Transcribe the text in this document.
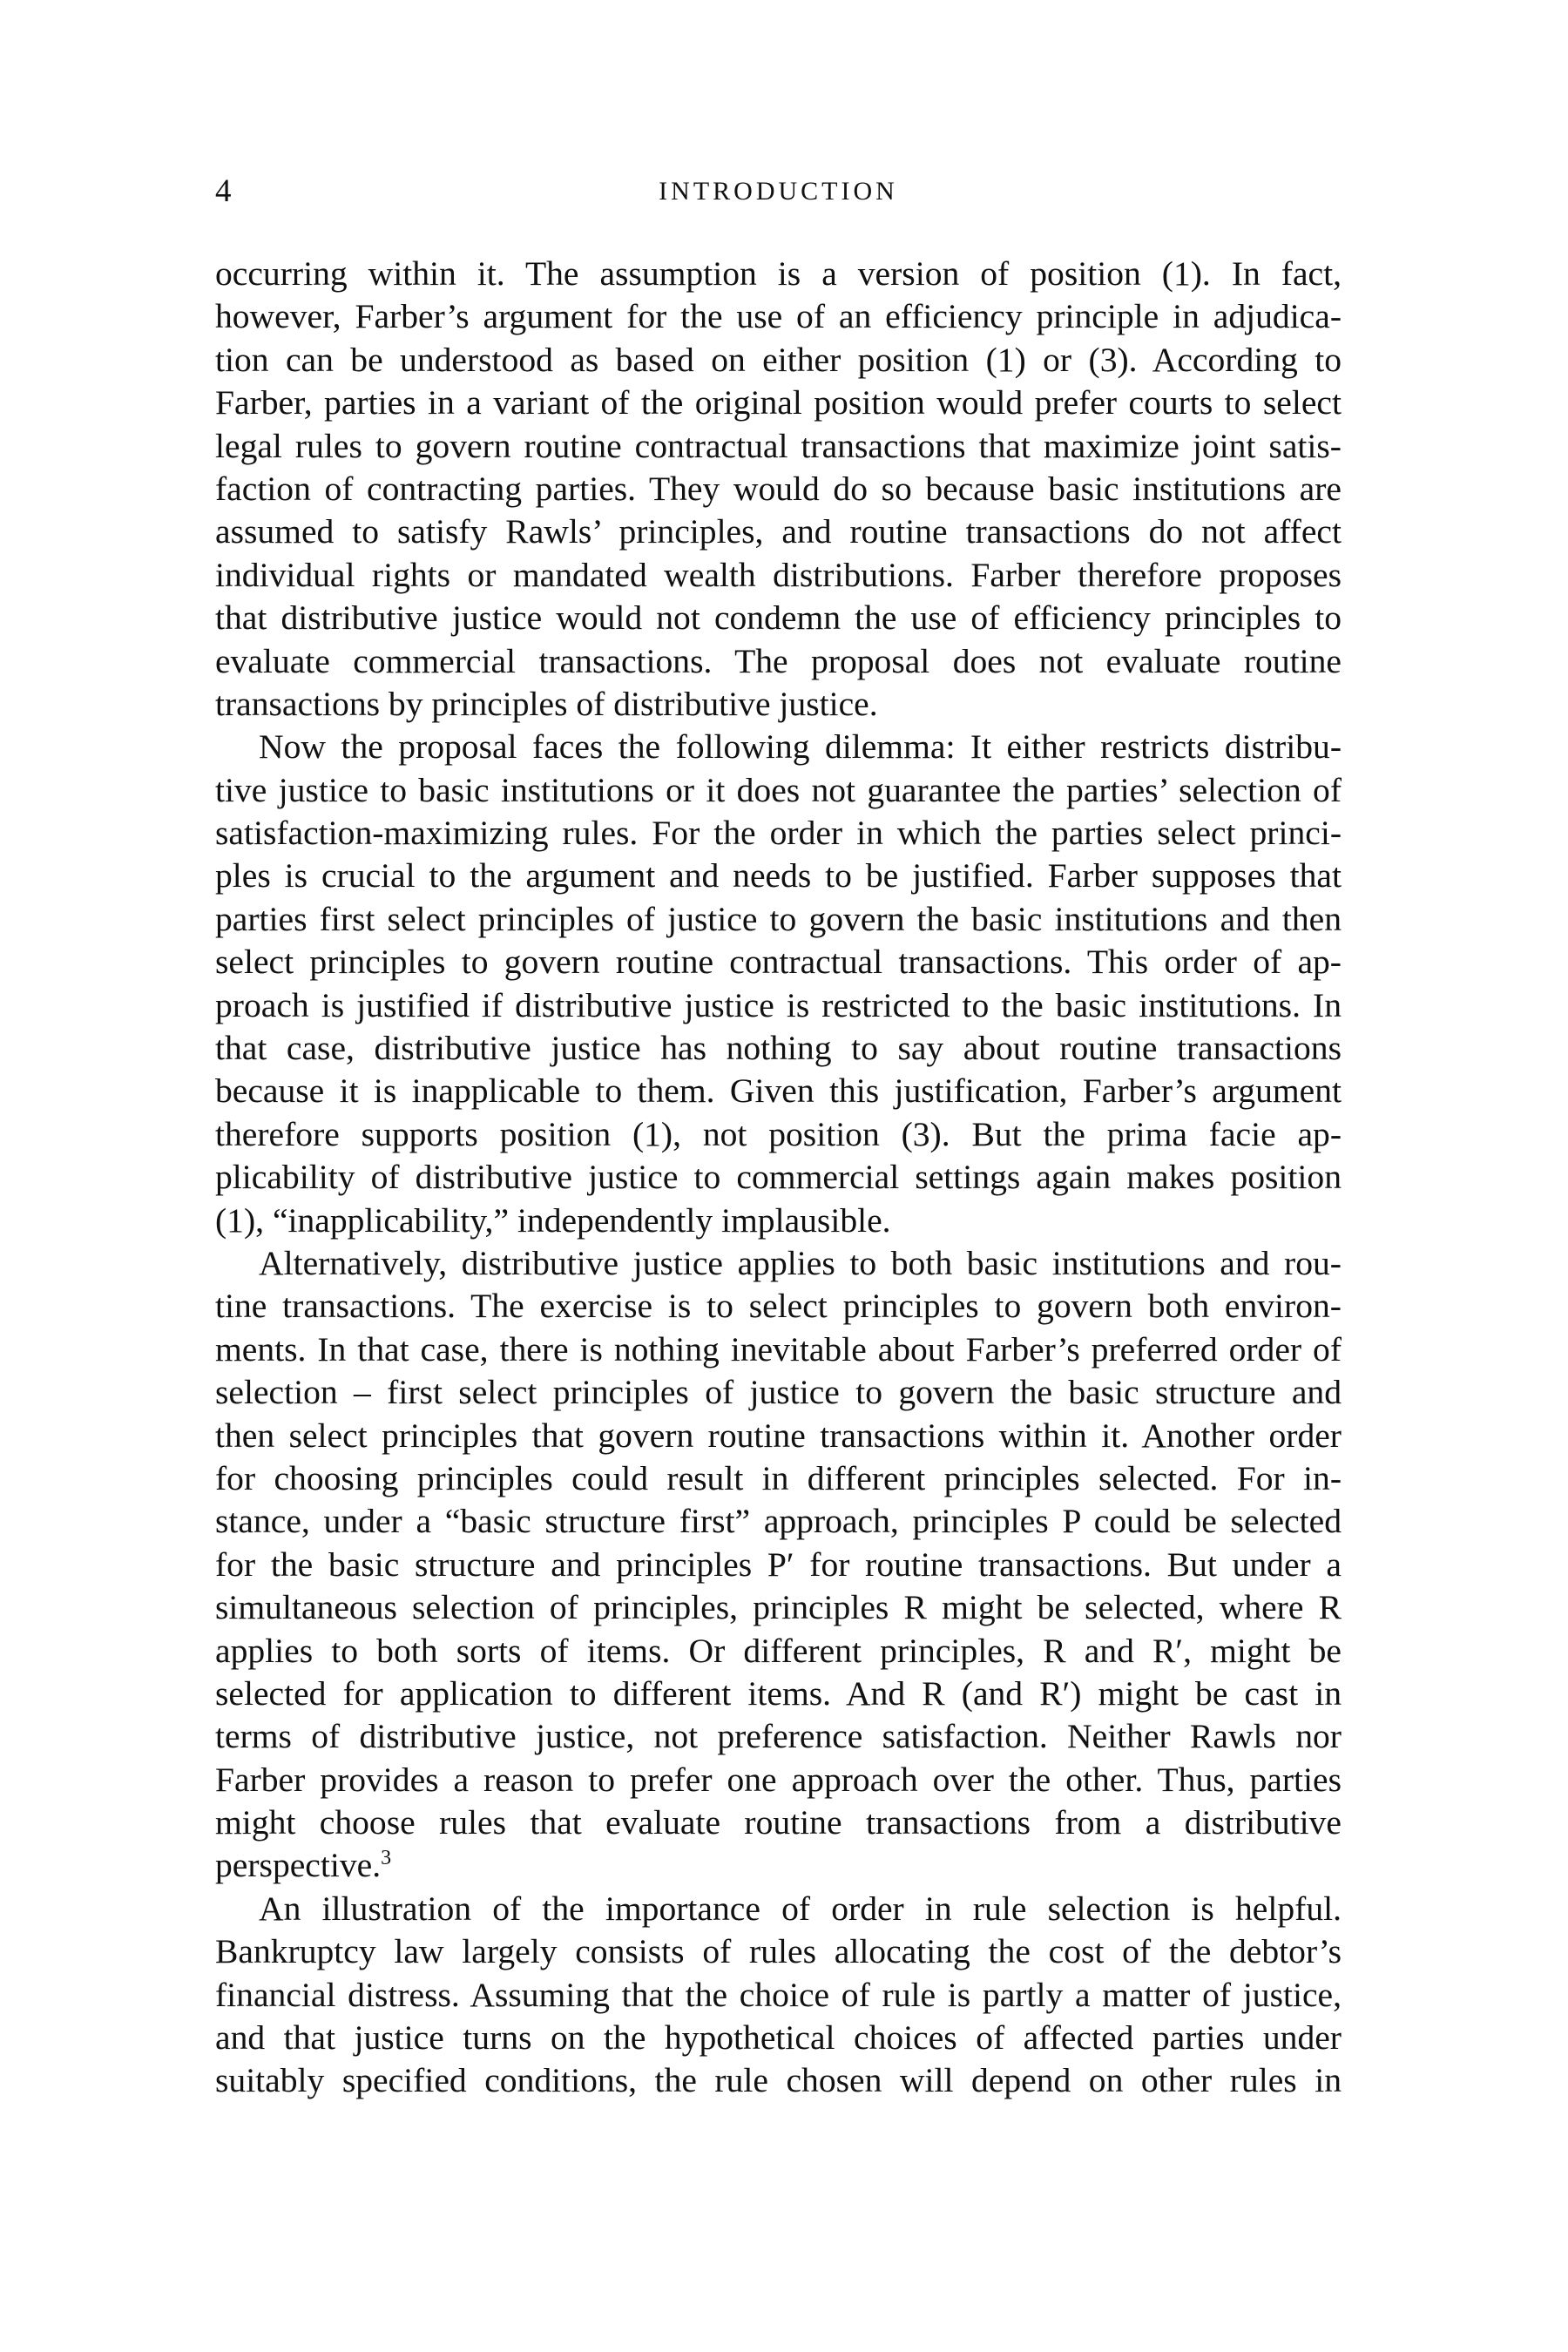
4	INTRODUCTION
occurring within it. The assumption is a version of position (1). In fact,
however, Farber’s argument for the use of an efficiency principle in adjudica-
tion can be understood as based on either position (1) or (3). According to
Farber, parties in a variant of the original position would prefer courts to select
legal rules to govern routine contractual transactions that maximize joint satis-
faction of contracting parties. They would do so because basic institutions are
assumed to satisfy Rawls’ principles, and routine transactions do not affect
individual rights or mandated wealth distributions. Farber therefore proposes
that distributive justice would not condemn the use of efficiency principles to
evaluate commercial transactions. The proposal does not evaluate routine
transactions by principles of distributive justice.
Now the proposal faces the following dilemma: It either restricts distribu-
tive justice to basic institutions or it does not guarantee the parties’ selection of
satisfaction-maximizing rules. For the order in which the parties select princi-
ples is crucial to the argument and needs to be justified. Farber supposes that
parties first select principles of justice to govern the basic institutions and then
select principles to govern routine contractual transactions. This order of ap-
proach is justified if distributive justice is restricted to the basic institutions. In
that case, distributive justice has nothing to say about routine transactions
because it is inapplicable to them. Given this justification, Farber’s argument
therefore supports position (1), not position (3). But the prima facie ap-
plicability of distributive justice to commercial settings again makes position
(1), “inapplicability,” independently implausible.
Alternatively, distributive justice applies to both basic institutions and rou-
tine transactions. The exercise is to select principles to govern both environ-
ments. In that case, there is nothing inevitable about Farber’s preferred order of
selection – first select principles of justice to govern the basic structure and
then select principles that govern routine transactions within it. Another order
for choosing principles could result in different principles selected. For in-
stance, under a “basic structure first” approach, principles P could be selected
for the basic structure and principles P′ for routine transactions. But under a
simultaneous selection of principles, principles R might be selected, where R
applies to both sorts of items. Or different principles, R and R′, might be
selected for application to different items. And R (and R′) might be cast in
terms of distributive justice, not preference satisfaction. Neither Rawls nor
Farber provides a reason to prefer one approach over the other. Thus, parties
might choose rules that evaluate routine transactions from a distributive
perspective.$^3$
An illustration of the importance of order in rule selection is helpful.
Bankruptcy law largely consists of rules allocating the cost of the debtor’s
financial distress. Assuming that the choice of rule is partly a matter of justice,
and that justice turns on the hypothetical choices of affected parties under
suitably specified conditions, the rule chosen will depend on other rules in
